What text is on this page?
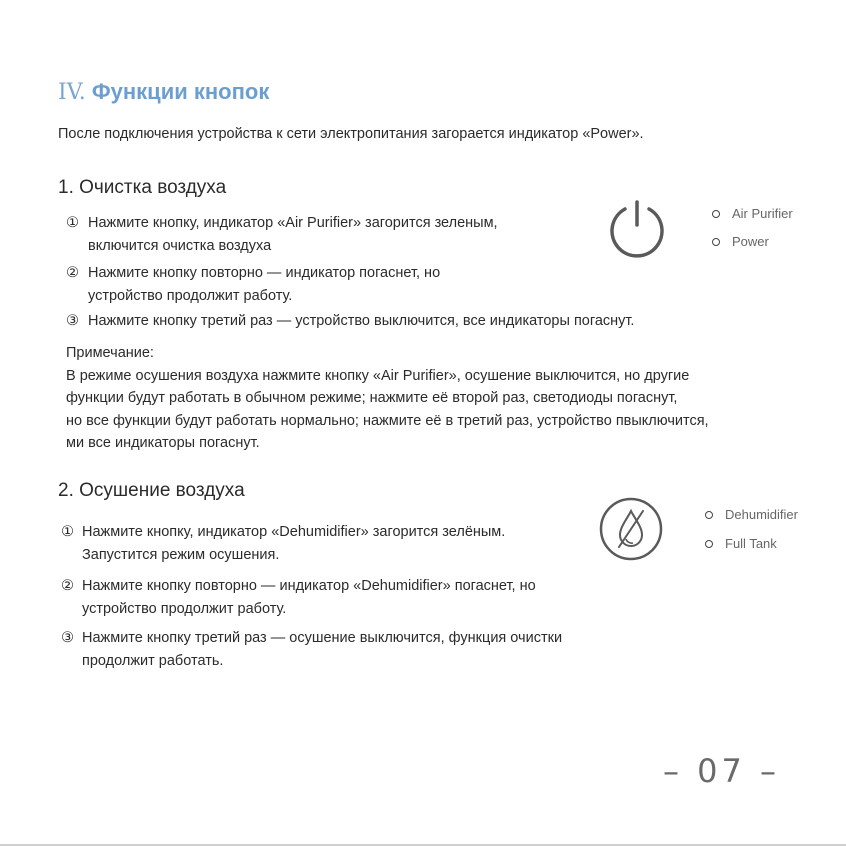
IV. Функции кнопок
После подключения устройства к сети электропитания загорается индикатор «Power».
1. Очистка воздуха
① Нажмите кнопку, индикатор «Air Purifier» загорится зеленым,
включится очистка воздуха
② Нажмите кнопку повторно — индикатор погаснет, но
устройство продолжит работу.
③ Нажмите кнопку третий раз — устройство выключится, все индикаторы погаснут.
Air Purifier
Power
Примечание:
В режиме осушения воздуха нажмите кнопку «Air Purifier», осушение выключится, но другие
функции будут работать в обычном режиме; нажмите её второй раз, светодиоды погаснут,
но все функции будут работать нормально; нажмите её в третий раз, устройство пвыключится,
ми все индикаторы погаснут.
2. Осушение воздуха
① Нажмите кнопку, индикатор «Dehumidifier» загорится зелёным.
Запустится режим осушения.
② Нажмите кнопку повторно — индикатор «Dehumidifier» погаснет, но
устройство продолжит работу.
③ Нажмите кнопку третий раз — осушение выключится, функция очистки
продолжит работать.
Dehumidifier
Full Tank
– 07 –
